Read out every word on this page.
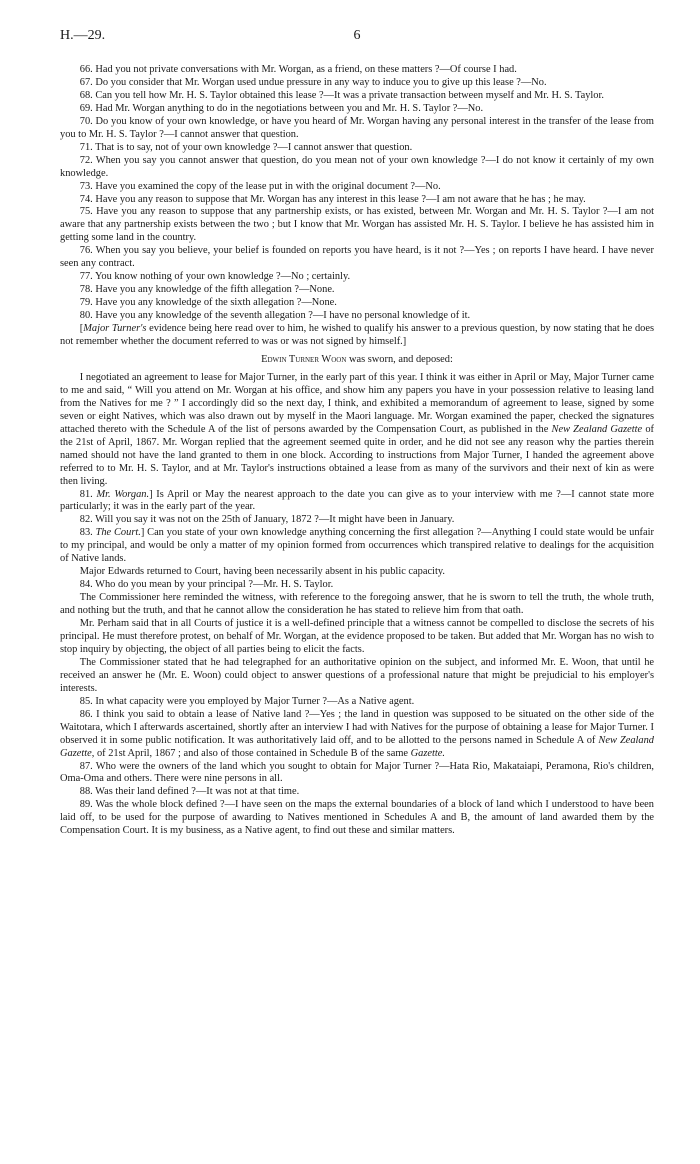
H.—29.	6

66. Had you not private conversations with Mr. Worgan, as a friend, on these matters ?—Of course I had.

67. Do you consider that Mr. Worgan used undue pressure in any way to induce you to give up this lease ?—No.

68. Can you tell how Mr. H. S. Taylor obtained this lease ?—It was a private transaction between myself and Mr. H. S. Taylor.

69. Had Mr. Worgan anything to do in the negotiations between you and Mr. H. S. Taylor ?—No.

70. Do you know of your own knowledge, or have you heard of Mr. Worgan having any personal interest in the transfer of the lease from you to Mr. H. S. Taylor ?—I cannot answer that question.

71. That is to say, not of your own knowledge ?—I cannot answer that question.

72. When you say you cannot answer that question, do you mean not of your own knowledge ?—I do not know it certainly of my own knowledge.

73. Have you examined the copy of the lease put in with the original document ?—No.

74. Have you any reason to suppose that Mr. Worgan has any interest in this lease ?—I am not aware that he has ; he may.

75. Have you any reason to suppose that any partnership exists, or has existed, between Mr. Worgan and Mr. H. S. Taylor ?—I am not aware that any partnership exists between the two ; but I know that Mr. Worgan has assisted Mr. H. S. Taylor. I believe he has assisted him in getting some land in the country.

76. When you say you believe, your belief is founded on reports you have heard, is it not ?—Yes ; on reports I have heard. I have never seen any contract.

77. You know nothing of your own knowledge ?—No ; certainly.

78. Have you any knowledge of the fifth allegation ?—None.

79. Have you any knowledge of the sixth allegation ?—None.

80. Have you any knowledge of the seventh allegation ?—I have no personal knowledge of it.

[Major Turner's evidence being here read over to him, he wished to qualify his answer to a previous question, by now stating that he does not remember whether the document referred to was or was not signed by himself.]

Edwin Turner Woon was sworn, and deposed:

I negotiated an agreement to lease for Major Turner, in the early part of this year. I think it was either in April or May, Major Turner came to me and said, “ Will you attend on Mr. Worgan at his office, and show him any papers you have in your possession relative to leasing land from the Natives for me ? ” I accordingly did so the next day, I think, and exhibited a memorandum of agreement to lease, signed by some seven or eight Natives, which was also drawn out by myself in the Maori language. Mr. Worgan examined the paper, checked the signatures attached thereto with the Schedule A of the list of persons awarded by the Compensation Court, as published in the New Zealand Gazette of the 21st of April, 1867. Mr. Worgan replied that the agreement seemed quite in order, and he did not see any reason why the parties therein named should not have the land granted to them in one block. According to instructions from Major Turner, I handed the agreement above referred to to Mr. H. S. Taylor, and at Mr. Taylor's instructions obtained a lease from as many of the survivors and their next of kin as were then living.

81. Mr. Worgan.] Is April or May the nearest approach to the date you can give as to your interview with me ?—I cannot state more particularly; it was in the early part of the year.

82. Will you say it was not on the 25th of January, 1872 ?—It might have been in January.

83. The Court.] Can you state of your own knowledge anything concerning the first allegation ?—Anything I could state would be unfair to my principal, and would be only a matter of my opinion formed from occurrences which transpired relative to dealings for the acquisition of Native lands.

Major Edwards returned to Court, having been necessarily absent in his public capacity.

84. Who do you mean by your principal ?—Mr. H. S. Taylor.

The Commissioner here reminded the witness, with reference to the foregoing answer, that he is sworn to tell the truth, the whole truth, and nothing but the truth, and that he cannot allow the consideration he has stated to relieve him from that oath.

Mr. Perham said that in all Courts of justice it is a well-defined principle that a witness cannot be compelled to disclose the secrets of his principal. He must therefore protest, on behalf of Mr. Worgan, at the evidence proposed to be taken. But added that Mr. Worgan has no wish to stop inquiry by objecting, the object of all parties being to elicit the facts.

The Commissioner stated that he had telegraphed for an authoritative opinion on the subject, and informed Mr. E. Woon, that until he received an answer he (Mr. E. Woon) could object to answer questions of a professional nature that might be prejudicial to his employer's interests.

85. In what capacity were you employed by Major Turner ?—As a Native agent.

86. I think you said to obtain a lease of Native land ?—Yes ; the land in question was supposed to be situated on the other side of the Waitotara, which I afterwards ascertained, shortly after an interview I had with Natives for the purpose of obtaining a lease for Major Turner. I observed it in some public notification. It was authoritatively laid off, and to be allotted to the persons named in Schedule A of New Zealand Gazette, of 21st April, 1867 ; and also of those contained in Schedule B of the same Gazette.

87. Who were the owners of the land which you sought to obtain for Major Turner ?—Hata Rio, Makataiapi, Peramona, Rio's children, Oma-Oma and others. There were nine persons in all.

88. Was their land defined ?—It was not at that time.

89. Was the whole block defined ?—I have seen on the maps the external boundaries of a block of land which I understood to have been laid off, to be used for the purpose of awarding to Natives mentioned in Schedules A and B, the amount of land awarded them by the Compensation Court. It is my business, as a Native agent, to find out these and similar matters.
